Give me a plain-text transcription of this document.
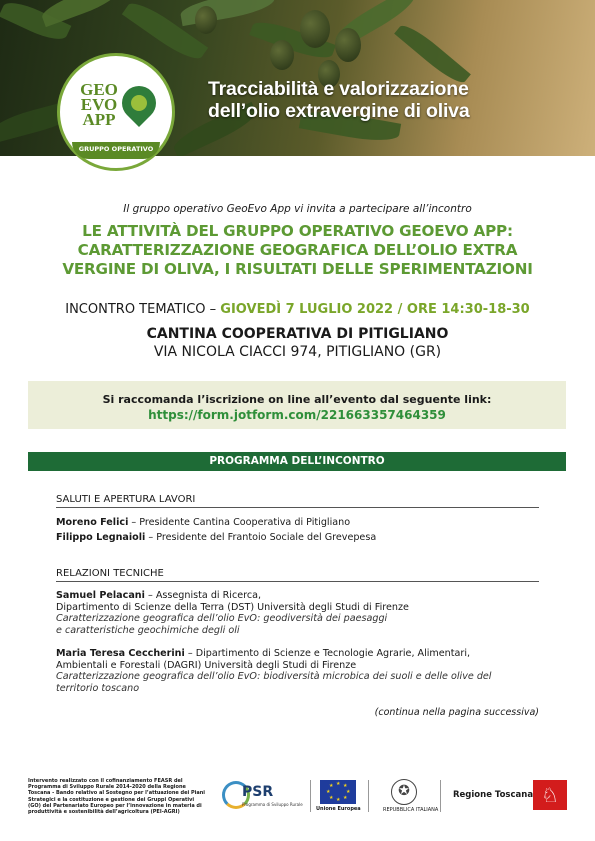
Tracciabilità e valorizzazione
dell’olio extravergine di oliva
GEO
EVO
APP
GRUPPO OPERATIVO
Il gruppo operativo GeoEvo App vi invita a partecipare all’incontro
LE ATTIVITÀ DEL GRUPPO OPERATIVO GEOEVO APP:
CARATTERIZZAZIONE GEOGRAFICA DELL’OLIO EXTRA
VERGINE DI OLIVA, I RISULTATI DELLE SPERIMENTAZIONI
INCONTRO TEMATICO – GIOVEDÌ 7 LUGLIO 2022 / ORE 14:30-18-30
CANTINA COOPERATIVA DI PITIGLIANO
VIA NICOLA CIACCI 974, PITIGLIANO (GR)
Si raccomanda l’iscrizione on line all’evento dal seguente link:
https://form.jotform.com/221663357464359
PROGRAMMA DELL’INCONTRO
SALUTI E APERTURA LAVORI
Moreno Felici – Presidente Cantina Cooperativa di Pitigliano
Filippo Legnaioli – Presidente del Frantoio Sociale del Grevepesa
RELAZIONI TECNICHE
Samuel Pelacani – Assegnista di Ricerca,
Dipartimento di Scienze della Terra (DST) Università degli Studi di Firenze
Caratterizzazione geografica dell’olio EvO: geodiversità dei paesaggi
e caratteristiche geochimiche degli oli
Maria Teresa Ceccherini – Dipartimento di Scienze e Tecnologie Agrarie, Alimentari,
Ambientali e Forestali (DAGRI) Università degli Studi di Firenze
Caratterizzazione geografica dell’olio EvO: biodiversità microbica dei suoli e delle olive del
territorio toscano
(continua nella pagina successiva)
Intervento realizzato con il cofinanziamento FEASR del Programma di Sviluppo Rurale 2014-2020 della Regione Toscana - Bando relativo al Sostegno per l’attuazione dei Piani Strategici e la costituzione e gestione dei Gruppi Operativi (GO) del Partenariato Europeo per l’innovazione in materia di produttività e sostenibilità dell’agricoltura (PEI-AGRI)
PSR
Programma di Sviluppo Rurale
★ ★
★
★
★
★
★
★
Unione Europea
✪
REPUBBLICA ITALIANA
Regione Toscana ♘
